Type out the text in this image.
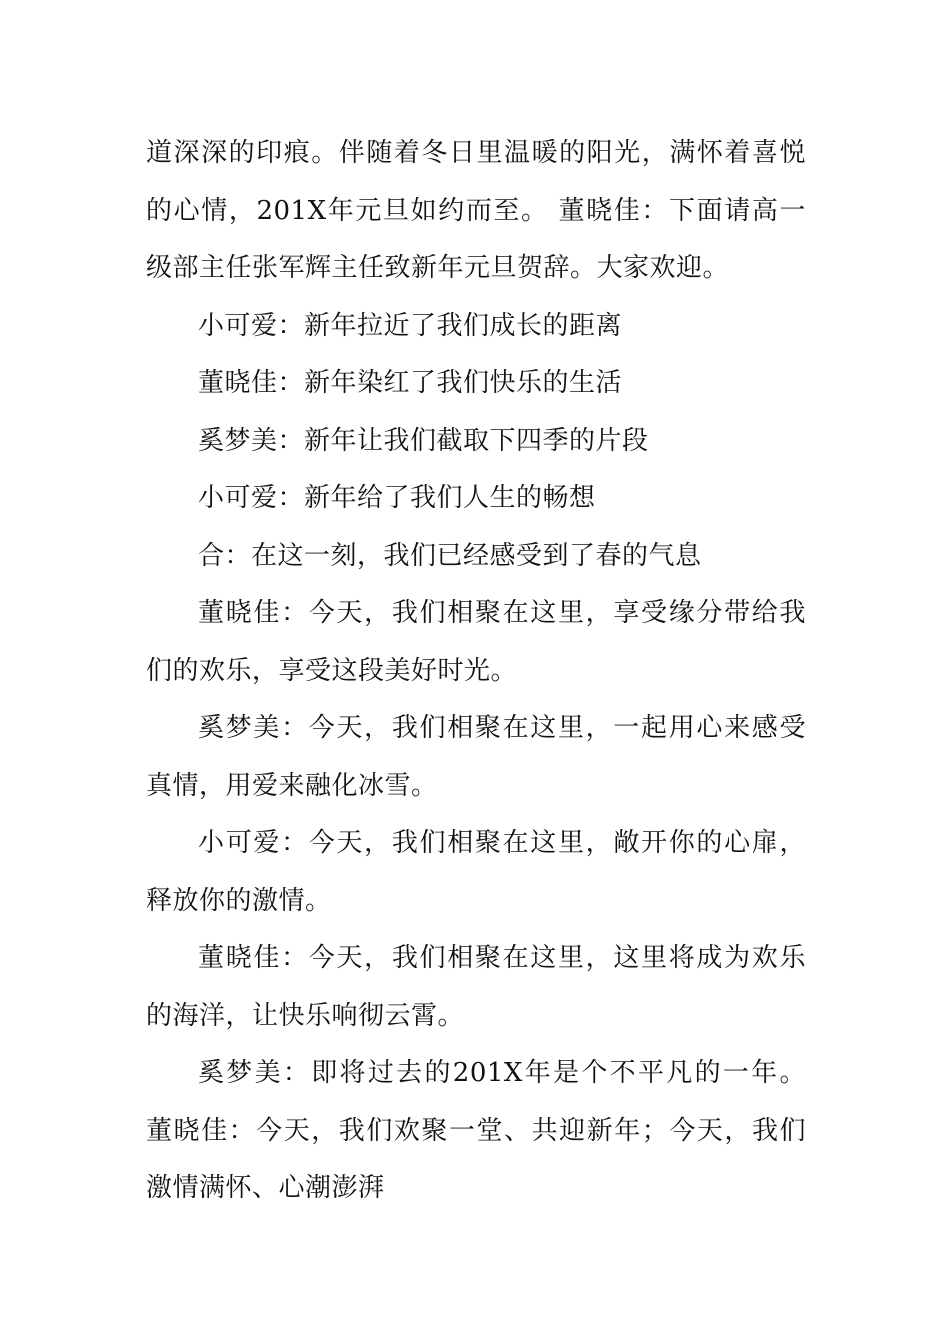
道深深的印痕。伴随着冬日里温暖的阳光，满怀着喜悦的心情，201X年元旦如约而至。 董晓佳：下面请高一级部主任张军辉主任致新年元旦贺辞。大家欢迎。

小可爱：新年拉近了我们成长的距离

董晓佳：新年染红了我们快乐的生活

奚梦美：新年让我们截取下四季的片段

小可爱：新年给了我们人生的畅想

合：在这一刻，我们已经感受到了春的气息

董晓佳：今天，我们相聚在这里，享受缘分带给我们的欢乐，享受这段美好时光。

奚梦美：今天，我们相聚在这里，一起用心来感受真情，用爱来融化冰雪。

小可爱：今天，我们相聚在这里，敞开你的心扉，释放你的激情。

董晓佳：今天，我们相聚在这里，这里将成为欢乐的海洋，让快乐响彻云霄。

奚梦美：即将过去的201X年是个不平凡的一年。 董晓佳：今天，我们欢聚一堂、共迎新年；今天，我们激情满怀、心潮澎湃
